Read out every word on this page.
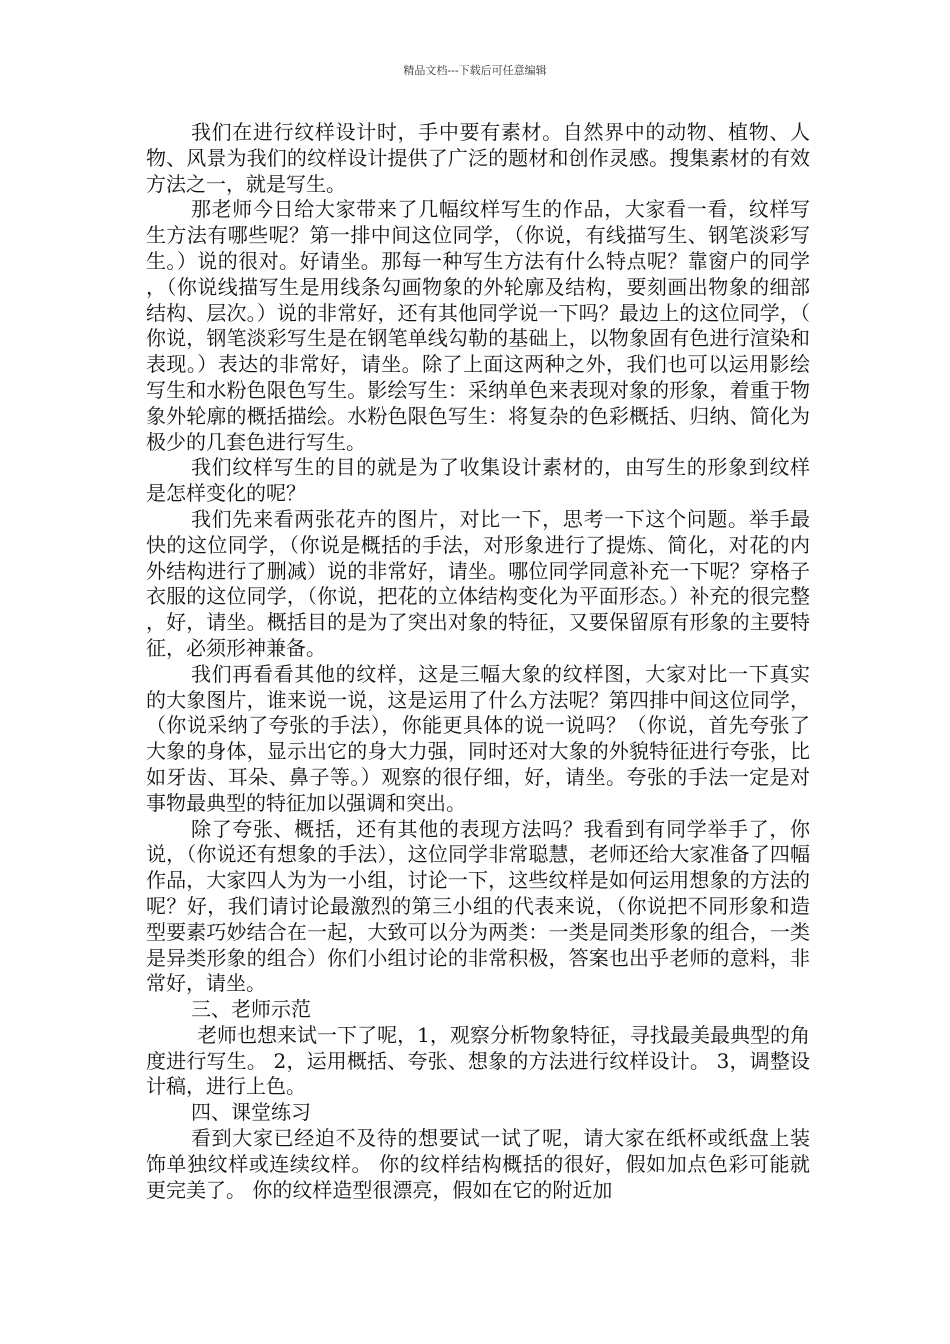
精品文档---下载后可任意编辑

我们在进行纹样设计时，手中要有素材。自然界中的动物、植物、人物、风景为我们的纹样设计提供了广泛的题材和创作灵感。搜集素材的有效方法之一，就是写生。

那老师今日给大家带来了几幅纹样写生的作品，大家看一看，纹样写生方法有哪些呢？第一排中间这位同学，（你说，有线描写生、钢笔淡彩写生。）说的很对。好请坐。那每一种写生方法有什么特点呢？靠窗户的同学，（你说线描写生是用线条勾画物象的外轮廓及结构，要刻画出物象的细部结构、层次。）说的非常好，还有其他同学说一下吗？最边上的这位同学，（你说，钢笔淡彩写生是在钢笔单线勾勒的基础上，以物象固有色进行渲染和表现。）表达的非常好，请坐。除了上面这两种之外，我们也可以运用影绘写生和水粉色限色写生。影绘写生：采纳单色来表现对象的形象，着重于物象外轮廓的概括描绘。水粉色限色写生：将复杂的色彩概括、归纳、简化为极少的几套色进行写生。

我们纹样写生的目的就是为了收集设计素材的，由写生的形象到纹样是怎样变化的呢？

我们先来看两张花卉的图片，对比一下，思考一下这个问题。举手最快的这位同学，（你说是概括的手法，对形象进行了提炼、简化，对花的内外结构进行了删减）说的非常好，请坐。哪位同学同意补充一下呢？穿格子衣服的这位同学，（你说，把花的立体结构变化为平面形态。）补充的很完整，好，请坐。概括目的是为了突出对象的特征，又要保留原有形象的主要特征，必须形神兼备。

我们再看看其他的纹样，这是三幅大象的纹样图，大家对比一下真实的大象图片，谁来说一说，这是运用了什么方法呢？第四排中间这位同学，（你说采纳了夸张的手法），你能更具体的说一说吗？（你说，首先夸张了大象的身体，显示出它的身大力强，同时还对大象的外貌特征进行夸张，比如牙齿、耳朵、鼻子等。）观察的很仔细，好，请坐。夸张的手法一定是对事物最典型的特征加以强调和突出。

除了夸张、概括，还有其他的表现方法吗？我看到有同学举手了，你说，（你说还有想象的手法），这位同学非常聪慧，老师还给大家准备了四幅作品，大家四人为为一小组，讨论一下，这些纹样是如何运用想象的方法的呢？好，我们请讨论最激烈的第三小组的代表来说，（你说把不同形象和造型要素巧妙结合在一起，大致可以分为两类：一类是同类形象的组合，一类是异类形象的组合）你们小组讨论的非常积极，答案也出乎老师的意料，非常好，请坐。

三、老师示范

老师也想来试一下了呢，1，观察分析物象特征，寻找最美最典型的角度进行写生。 2，运用概括、夸张、想象的方法进行纹样设计。 3，调整设计稿，进行上色。

四、课堂练习

看到大家已经迫不及待的想要试一试了呢，请大家在纸杯或纸盘上装饰单独纹样或连续纹样。 你的纹样结构概括的很好，假如加点色彩可能就更完美了。 你的纹样造型很漂亮，假如在它的附近加
